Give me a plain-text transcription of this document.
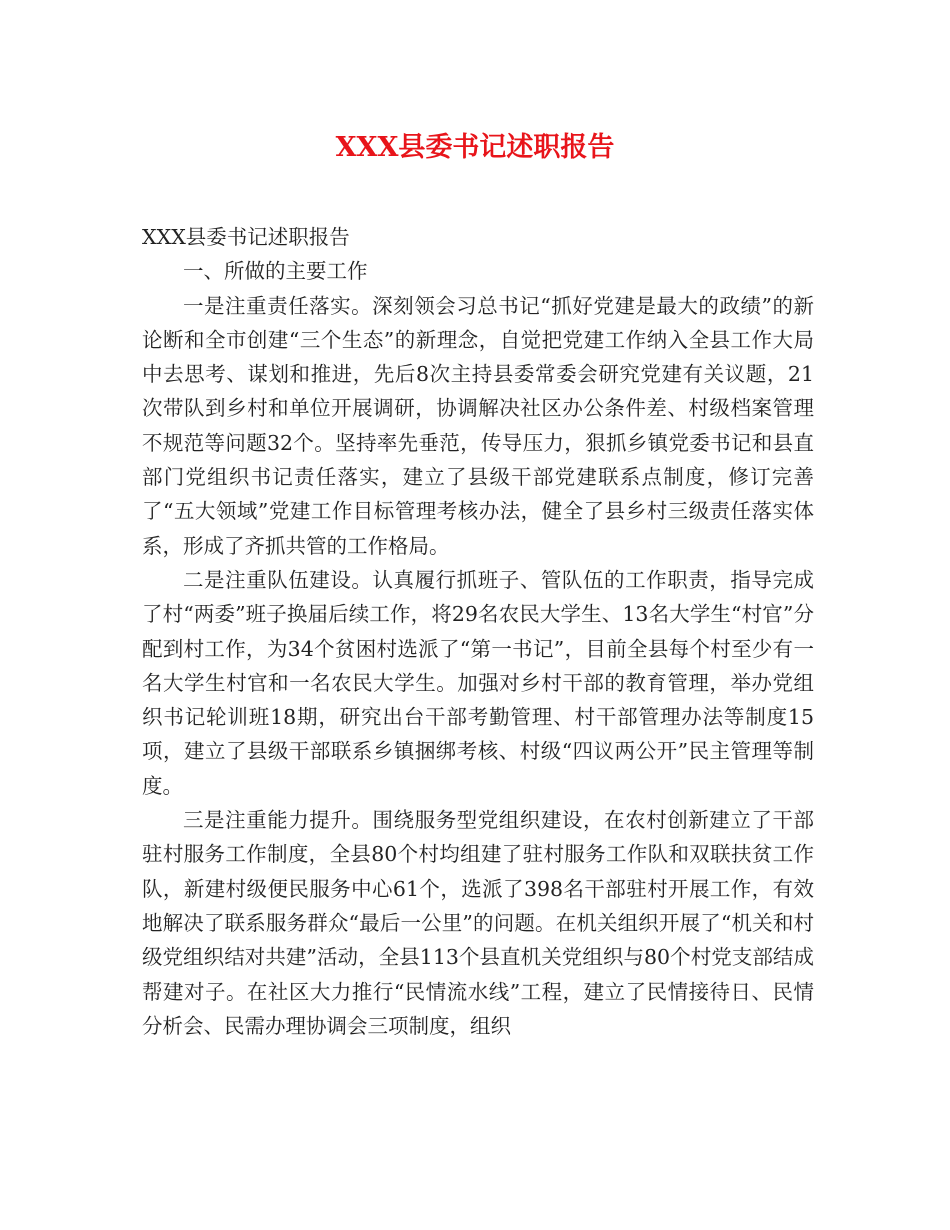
XXX县委书记述职报告

XXX县委书记述职报告

一、所做的主要工作

一是注重责任落实。深刻领会习总书记“抓好党建是最大的政绩”的新论断和全市创建“三个生态”的新理念，自觉把党建工作纳入全县工作大局中去思考、谋划和推进，先后8次主持县委常委会研究党建有关议题，21次带队到乡村和单位开展调研，协调解决社区办公条件差、村级档案管理不规范等问题32个。坚持率先垂范，传导压力，狠抓乡镇党委书记和县直部门党组织书记责任落实，建立了县级干部党建联系点制度，修订完善了“五大领域”党建工作目标管理考核办法，健全了县乡村三级责任落实体系，形成了齐抓共管的工作格局。

二是注重队伍建设。认真履行抓班子、管队伍的工作职责，指导完成了村“两委”班子换届后续工作，将29名农民大学生、13名大学生“村官”分配到村工作，为34个贫困村选派了“第一书记”，目前全县每个村至少有一名大学生村官和一名农民大学生。加强对乡村干部的教育管理，举办党组织书记轮训班18期，研究出台干部考勤管理、村干部管理办法等制度15项，建立了县级干部联系乡镇捆绑考核、村级“四议两公开”民主管理等制度。

三是注重能力提升。围绕服务型党组织建设，在农村创新建立了干部驻村服务工作制度，全县80个村均组建了驻村服务工作队和双联扶贫工作队，新建村级便民服务中心61个，选派了398名干部驻村开展工作，有效地解决了联系服务群众“最后一公里”的问题。在机关组织开展了“机关和村级党组织结对共建”活动，全县113个县直机关党组织与80个村党支部结成帮建对子。在社区大力推行“民情流水线”工程，建立了民情接待日、民情分析会、民需办理协调会三项制度，组织
